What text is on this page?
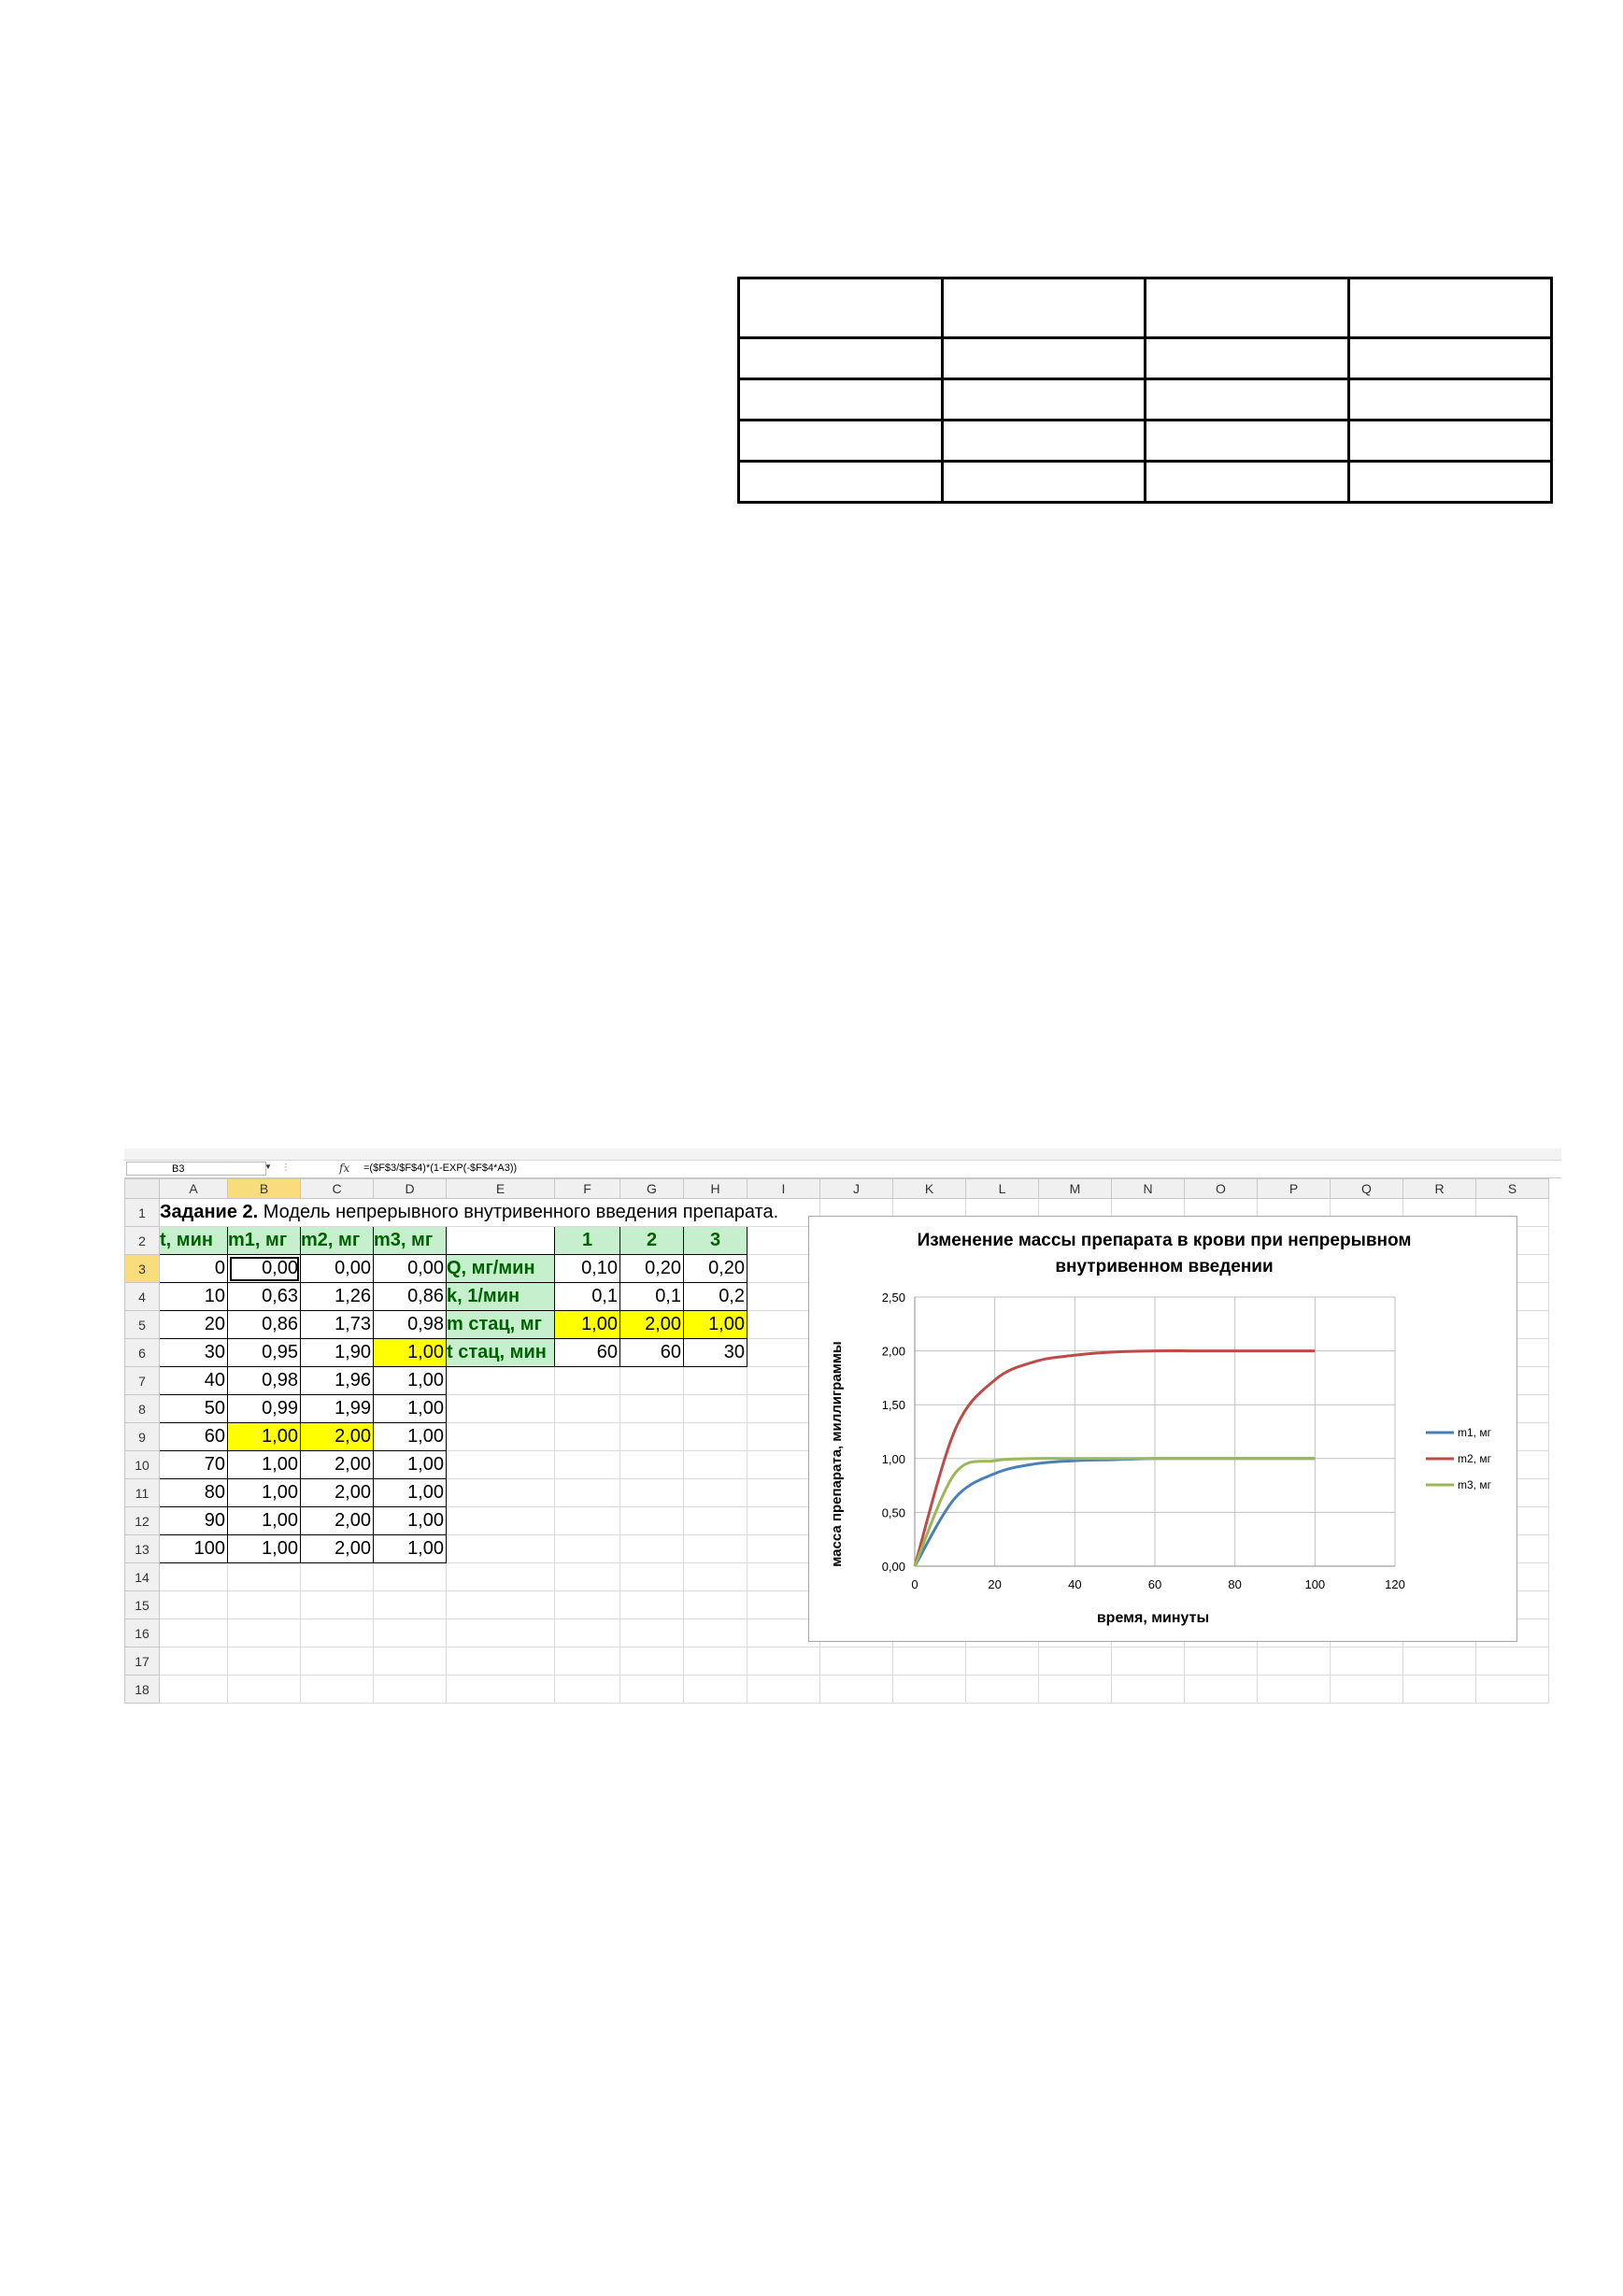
B3	▼ ⋮	fx =($F$3/$F$4)*(1-EXP(-$F$4*A3))
	A	B	C	D	E	F	G	H	I	J	K	L	M	N	O	P	Q	R	S
1	Задание 2. Модель непрерывного внутривенного введения препарата.																		
2	t, мин	m1, мг	m2, мг	m3, мг		1	2	3											
3	0	0,00	0,00	0,00	Q, мг/мин	0,10	0,20	0,20											
4	10	0,63	1,26	0,86	k, 1/мин	0,1	0,1	0,2											
5	20	0,86	1,73	0,98	m стац, мг	1,00	2,00	1,00											
6	30	0,95	1,90	1,00	t стац, мин	60	60	30											
7	40	0,98	1,96	1,00															
8	50	0,99	1,99	1,00															
9	60	1,00	2,00	1,00															
10	70	1,00	2,00	1,00															
11	80	1,00	2,00	1,00															
12	90	1,00	2,00	1,00															
13	100	1,00	2,00	1,00															
14																			
15																			
16																			
17																			
18																			
Изменение массы препарата в крови при непрерывном
внутривенном введении
время, минуты
масса препарата, миллиграммы
0	20	40	60	80	100	120
0,00
0,50
1,00
1,50
2,00
2,50
m1, мг
m2, мг
m3, мг
